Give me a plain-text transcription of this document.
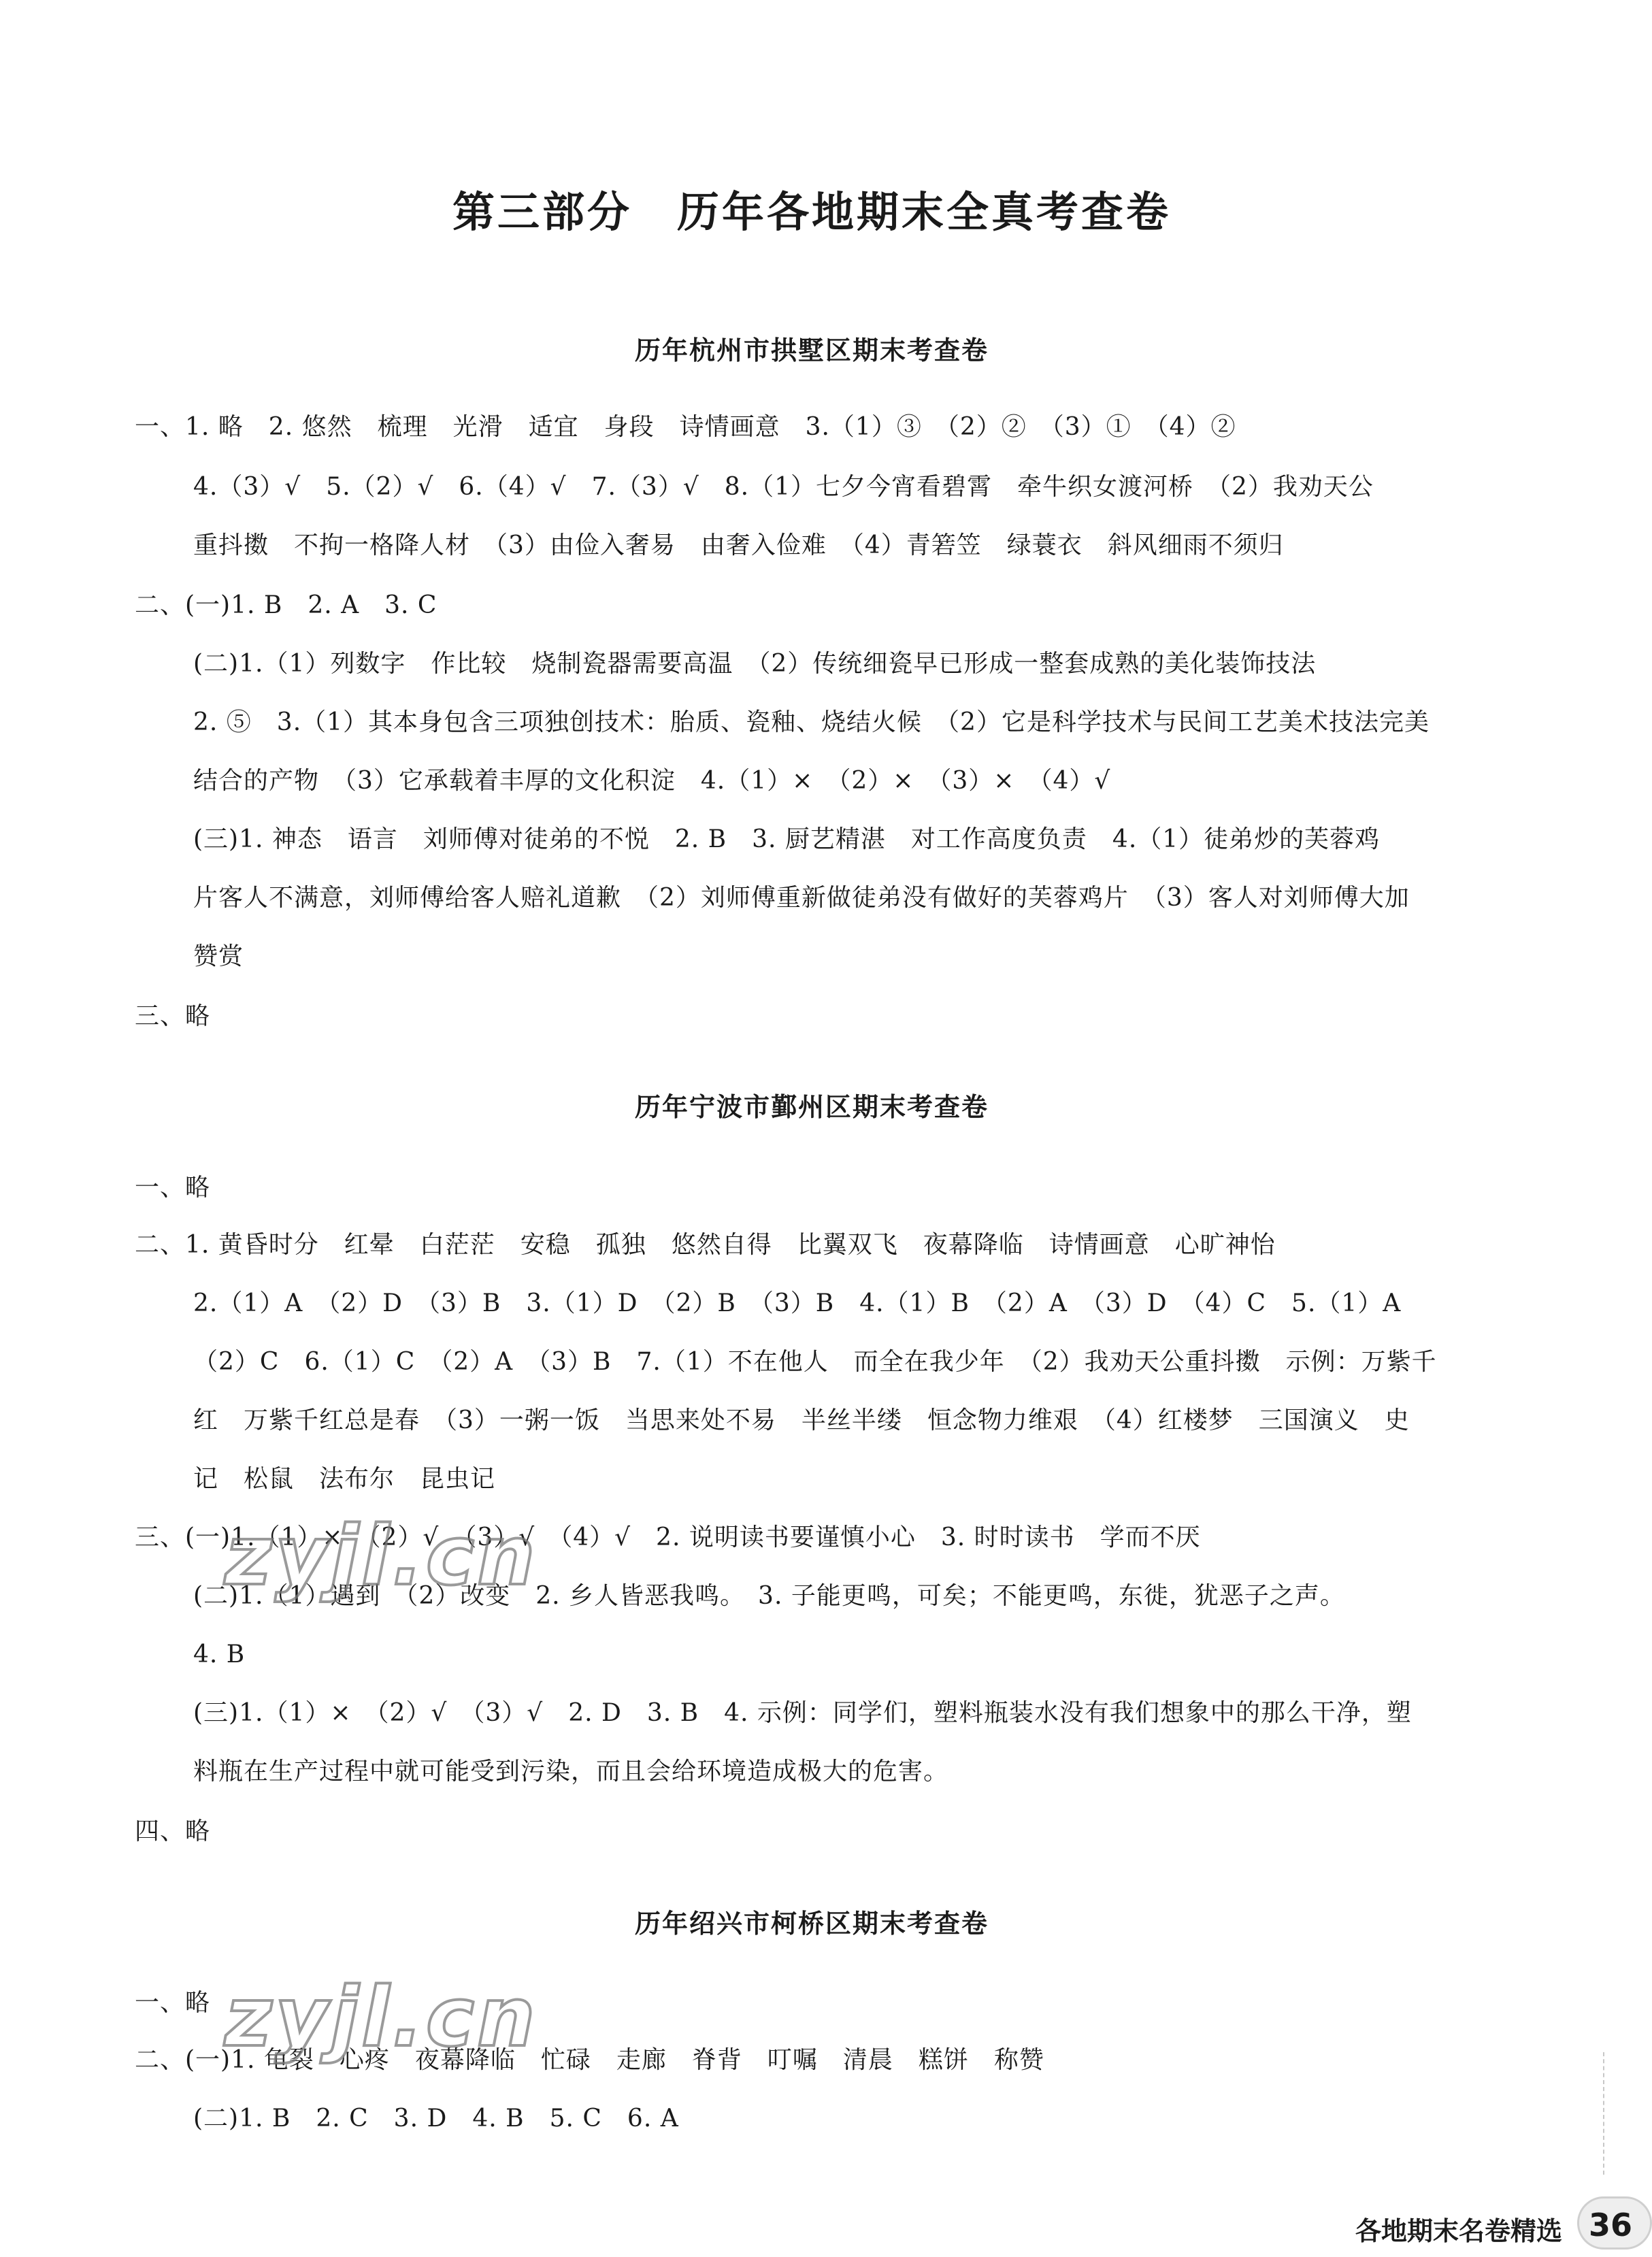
第三部分　历年各地期末全真考查卷
历年杭州市拱墅区期末考查卷
一、1. 略　2. 悠然　梳理　光滑　适宜　身段　诗情画意　3.（1）③　（2）②　（3）①　（4）②
4.（3）√　5.（2）√　6.（4）√　7.（3）√　8.（1）七夕今宵看碧霄　牵牛织女渡河桥　（2）我劝天公
重抖擞　不拘一格降人材　（3）由俭入奢易　由奢入俭难　（4）青箬笠　绿蓑衣　斜风细雨不须归
二、(一)1. B　2. A　3. C
(二)1.（1）列数字　作比较　烧制瓷器需要高温　（2）传统细瓷早已形成一整套成熟的美化装饰技法
2. ⑤　3.（1）其本身包含三项独创技术：胎质、瓷釉、烧结火候　（2）它是科学技术与民间工艺美术技法完美
结合的产物　（3）它承载着丰厚的文化积淀　4.（1）×　（2）×　（3）×　（4）√
(三)1. 神态　语言　刘师傅对徒弟的不悦　2. B　3. 厨艺精湛　对工作高度负责　4.（1）徒弟炒的芙蓉鸡
片客人不满意，刘师傅给客人赔礼道歉　（2）刘师傅重新做徒弟没有做好的芙蓉鸡片　（3）客人对刘师傅大加
赞赏
三、略
历年宁波市鄞州区期末考查卷
一、略
二、1. 黄昏时分　红晕　白茫茫　安稳　孤独　悠然自得　比翼双飞　夜幕降临　诗情画意　心旷神怡
2.（1）A　（2）D　（3）B　3.（1）D　（2）B　（3）B　4.（1）B　（2）A　（3）D　（4）C　5.（1）A
（2）C　6.（1）C　（2）A　（3）B　7.（1）不在他人　而全在我少年　（2）我劝天公重抖擞　示例：万紫千
红　万紫千红总是春　（3）一粥一饭　当思来处不易　半丝半缕　恒念物力维艰　（4）红楼梦　三国演义　史
记　松鼠　法布尔　昆虫记
三、(一)1.（1）×　（2）√　（3）√　（4）√　2. 说明读书要谨慎小心　3. 时时读书　学而不厌
(二)1.（1）遇到　（2）改变　2. 乡人皆恶我鸣。　3. 子能更鸣，可矣；不能更鸣，东徙，犹恶子之声。
4. B
(三)1.（1）×　（2）√　（3）√　2. D　3. B　4. 示例：同学们，塑料瓶装水没有我们想象中的那么干净，塑
料瓶在生产过程中就可能受到污染，而且会给环境造成极大的危害。
四、略
历年绍兴市柯桥区期末考查卷
一、略
二、(一)1. 龟裂　心疼　夜幕降临　忙碌　走廊　脊背　叮嘱　清晨　糕饼　称赞
(二)1. B　2. C　3. D　4. B　5. C　6. A
zyjl.cn
zyjl.cn
各地期末名卷精选 36
